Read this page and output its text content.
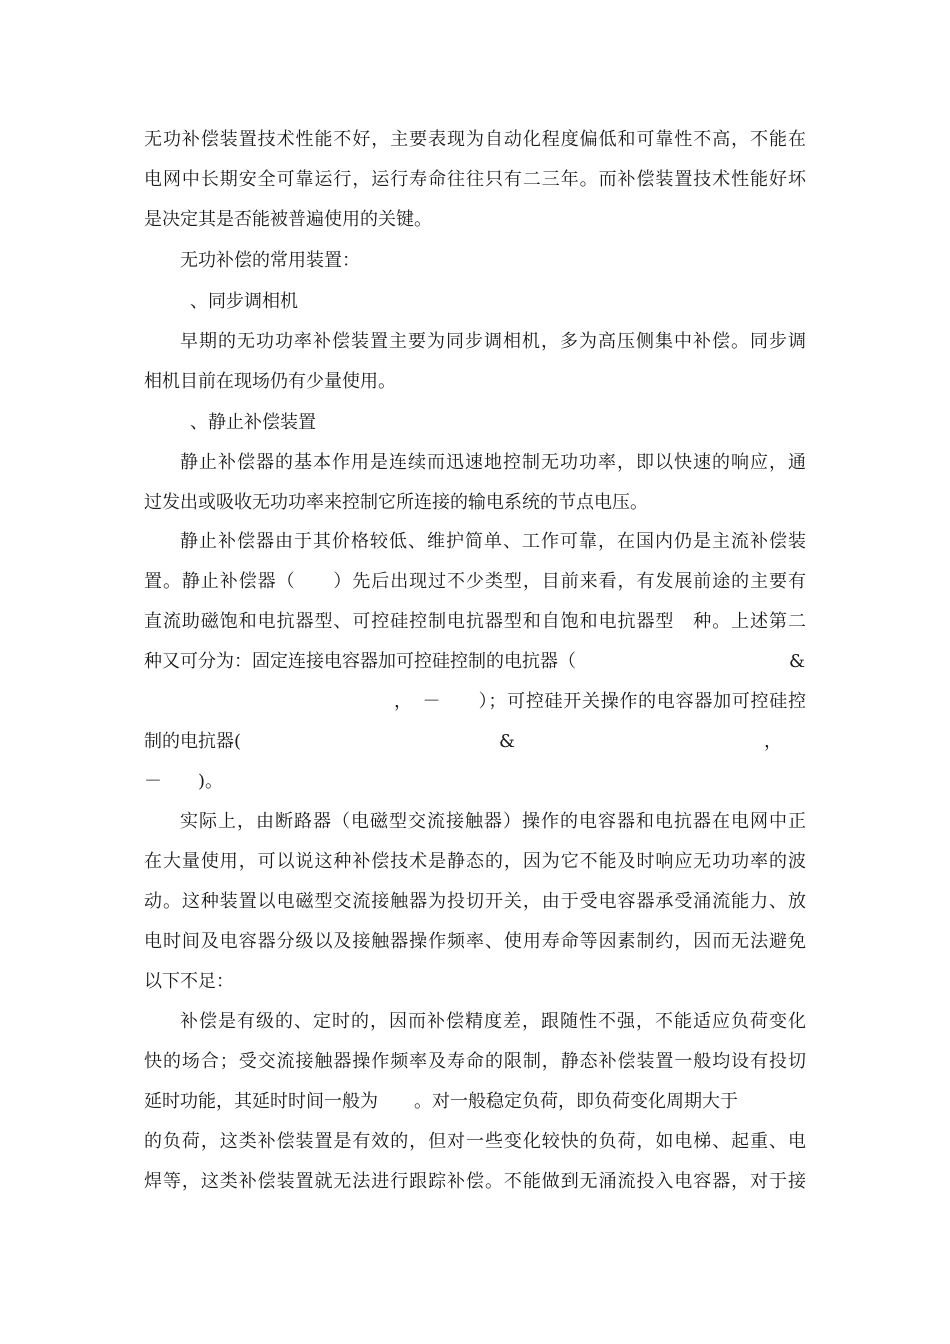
无功补偿装置技术性能不好，主要表现为自动化程度偏低和可靠性不高，不能在
电网中长期安全可靠运行，运行寿命往往只有二三年。而补偿装置技术性能好坏
是决定其是否能被普遍使用的关键。
无功补偿的常用装置：
、同步调相机
早期的无功功率补偿装置主要为同步调相机，多为高压侧集中补偿。同步调
相机目前在现场仍有少量使用。
、静止补偿装置
静止补偿器的基本作用是连续而迅速地控制无功功率，即以快速的响应，通
过发出或吸收无功功率来控制它所连接的输电系统的节点电压。
静止补偿器由于其价格较低、维护简单、工作可靠，在国内仍是主流补偿装
置。静止补偿器（　　）先后出现过不少类型，目前来看，有发展前途的主要有
直流助磁饱和电抗器型、可控硅控制电抗器型和自饱和电抗器型　种。上述第二
种又可分为：固定连接电容器加可控硅控制的电抗器（	&
，　－　　）；可控硅开关操作的电容器加可控硅控
制的电抗器(	&	，
－　　)。
实际上，由断路器（电磁型交流接触器）操作的电容器和电抗器在电网中正
在大量使用，可以说这种补偿技术是静态的，因为它不能及时响应无功功率的波
动。这种装置以电磁型交流接触器为投切开关，由于受电容器承受涌流能力、放
电时间及电容器分级以及接触器操作频率、使用寿命等因素制约，因而无法避免
以下不足：
补偿是有级的、定时的，因而补偿精度差，跟随性不强，不能适应负荷变化
快的场合；受交流接触器操作频率及寿命的限制，静态补偿装置一般均设有投切
延时功能，其延时时间一般为　　。对一般稳定负荷，即负荷变化周期大于
的负荷，这类补偿装置是有效的，但对一些变化较快的负荷，如电梯、起重、电
焊等，这类补偿装置就无法进行跟踪补偿。不能做到无涌流投入电容器，对于接
